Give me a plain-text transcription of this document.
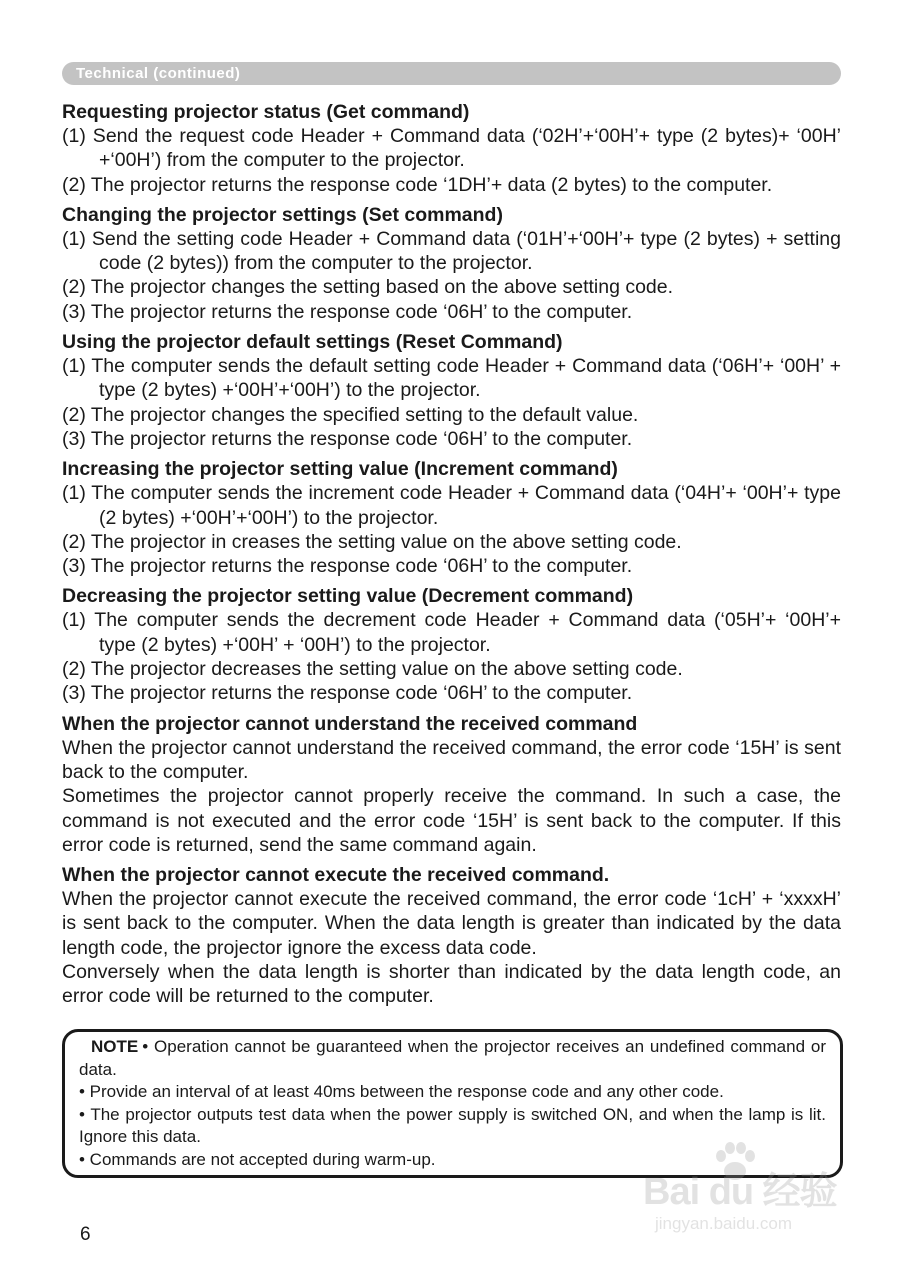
Technical (continued)
Requesting projector status (Get command)
(1) Send the request code Header + Command data (‘02H’+‘00H’+ type (2 bytes)+ ‘00H’ +‘00H’) from the computer to the projector.
(2) The projector returns the response code ‘1DH’+ data (2 bytes) to the computer.
Changing the projector settings (Set command)
(1) Send the setting code Header + Command data (‘01H’+‘00H’+ type (2 bytes) + setting code (2 bytes)) from the computer to the projector.
(2) The projector changes the setting based on the above setting code.
(3) The projector returns the response code ‘06H’ to the computer.
Using the projector default settings (Reset Command)
(1) The computer sends the default setting code Header + Command data (‘06H’+ ‘00H’ + type (2 bytes) +‘00H’+‘00H’) to the projector.
(2) The projector changes the specified setting to the default value.
(3) The projector returns the response code ‘06H’ to the computer.
Increasing the projector setting value (Increment command)
(1) The computer sends the increment code Header + Command data (‘04H’+ ‘00H’+ type (2 bytes) +‘00H’+‘00H’) to the projector.
(2) The projector in creases the setting value on the above setting code.
(3) The projector returns the response code ‘06H’ to the computer.
Decreasing the projector setting value (Decrement command)
(1) The computer sends the decrement code Header + Command data (‘05H’+ ‘00H’+ type (2 bytes) +‘00H’ + ‘00H’) to the projector.
(2) The projector decreases the setting value on the above setting code.
(3) The projector returns the response code ‘06H’ to the computer.
When the projector cannot understand the received command
When the projector cannot understand the received command, the error code ‘15H’ is sent back to the computer.
Sometimes the projector cannot properly receive the command. In such a case, the command is not executed and the error code ‘15H’ is sent back to the computer. If this error code is returned, send the same command again.
When the projector cannot execute the received command.
When the projector cannot execute the received command, the error code ‘1cH’ + ‘xxxxH’ is sent back to the computer. When the data length is greater than indicated by the data length code, the projector ignore the excess data code.
Conversely when the data length is shorter than indicated by the data length code, an error code will be returned to the computer.
NOTE • Operation cannot be guaranteed when the projector receives an undefined command or data.
• Provide an interval of at least 40ms between the response code and any other code.
• The projector outputs test data when the power supply is switched ON, and when the lamp is lit. Ignore this data.
• Commands are not accepted during warm-up.
6
Bai du 经验
jingyan.baidu.com
